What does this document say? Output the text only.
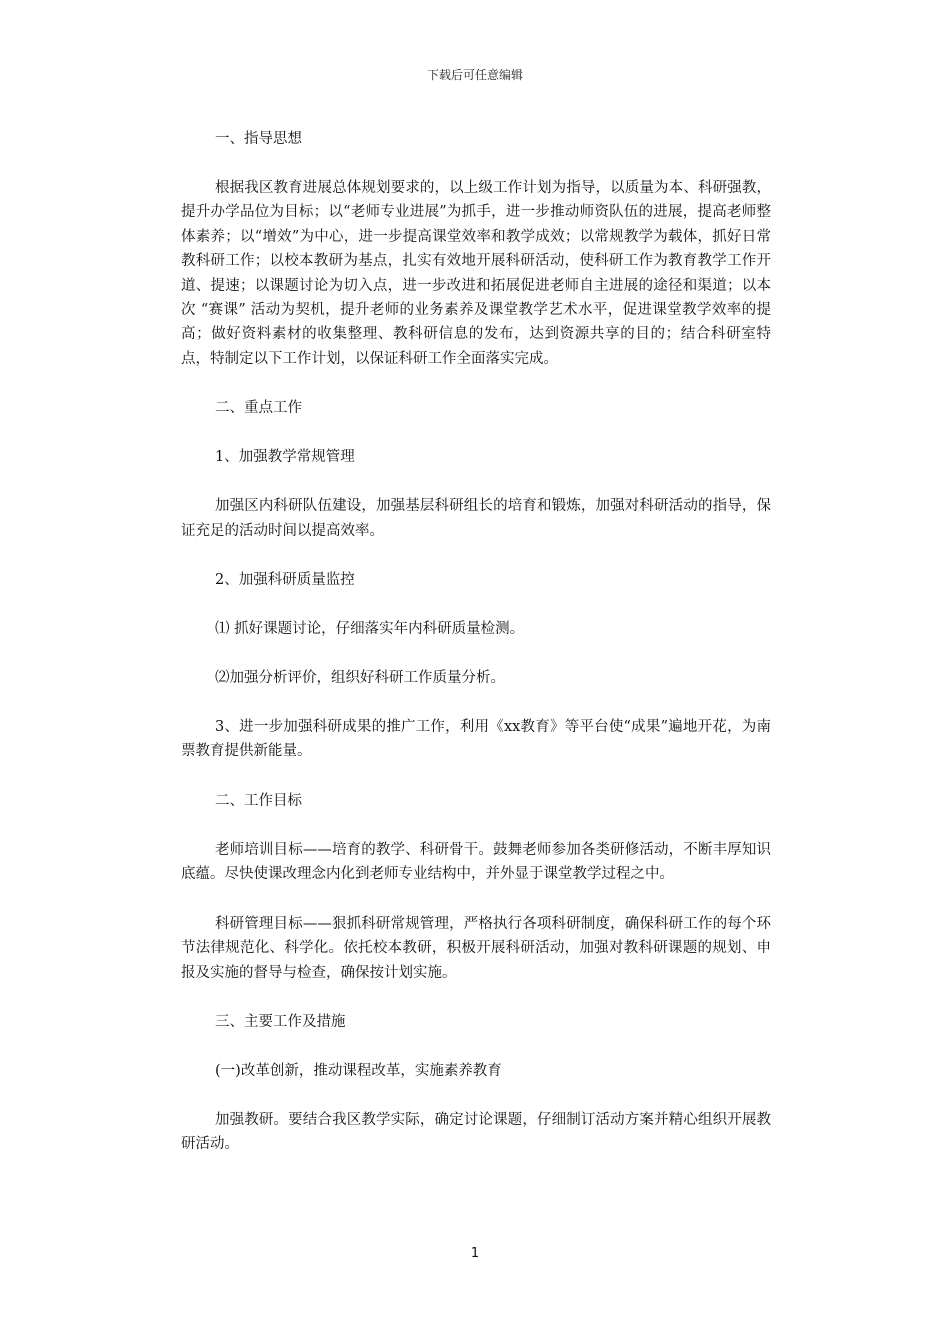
下载后可任意编辑
一、指导思想
根据我区教育进展总体规划要求的，以上级工作计划为指导，以质量为本、科研强教，提升办学品位为目标；以“老师专业进展”为抓手，进一步推动师资队伍的进展，提高老师整体素养；以“增效”为中心，进一步提高课堂效率和教学成效；以常规教学为载体，抓好日常教科研工作；以校本教研为基点，扎实有效地开展科研活动，使科研工作为教育教学工作开道、提速；以课题讨论为切入点，进一步改进和拓展促进老师自主进展的途径和渠道；以本次 “赛课” 活动为契机，提升老师的业务素养及课堂教学艺术水平，促进课堂教学效率的提高；做好资料素材的收集整理、教科研信息的发布，达到资源共享的目的；结合科研室特点，特制定以下工作计划，以保证科研工作全面落实完成。
二、重点工作
1、加强教学常规管理
加强区内科研队伍建设，加强基层科研组长的培育和锻炼，加强对科研活动的指导，保证充足的活动时间以提高效率。
2、加强科研质量监控
⑴ 抓好课题讨论，仔细落实年内科研质量检测。
⑵加强分析评价，组织好科研工作质量分析。
3、进一步加强科研成果的推广工作，利用《xx教育》等平台使“成果”遍地开花，为南票教育提供新能量。
二、工作目标
老师培训目标——培育的教学、科研骨干。鼓舞老师参加各类研修活动，不断丰厚知识底蕴。尽快使课改理念内化到老师专业结构中，并外显于课堂教学过程之中。
科研管理目标——狠抓科研常规管理，严格执行各项科研制度，确保科研工作的每个环节法律规范化、科学化。依托校本教研，积极开展科研活动，加强对教科研课题的规划、申报及实施的督导与检查，确保按计划实施。
三、主要工作及措施
(一)改革创新，推动课程改革，实施素养教育
加强教研。要结合我区教学实际，确定讨论课题，仔细制订活动方案并精心组织开展教研活动。
1
